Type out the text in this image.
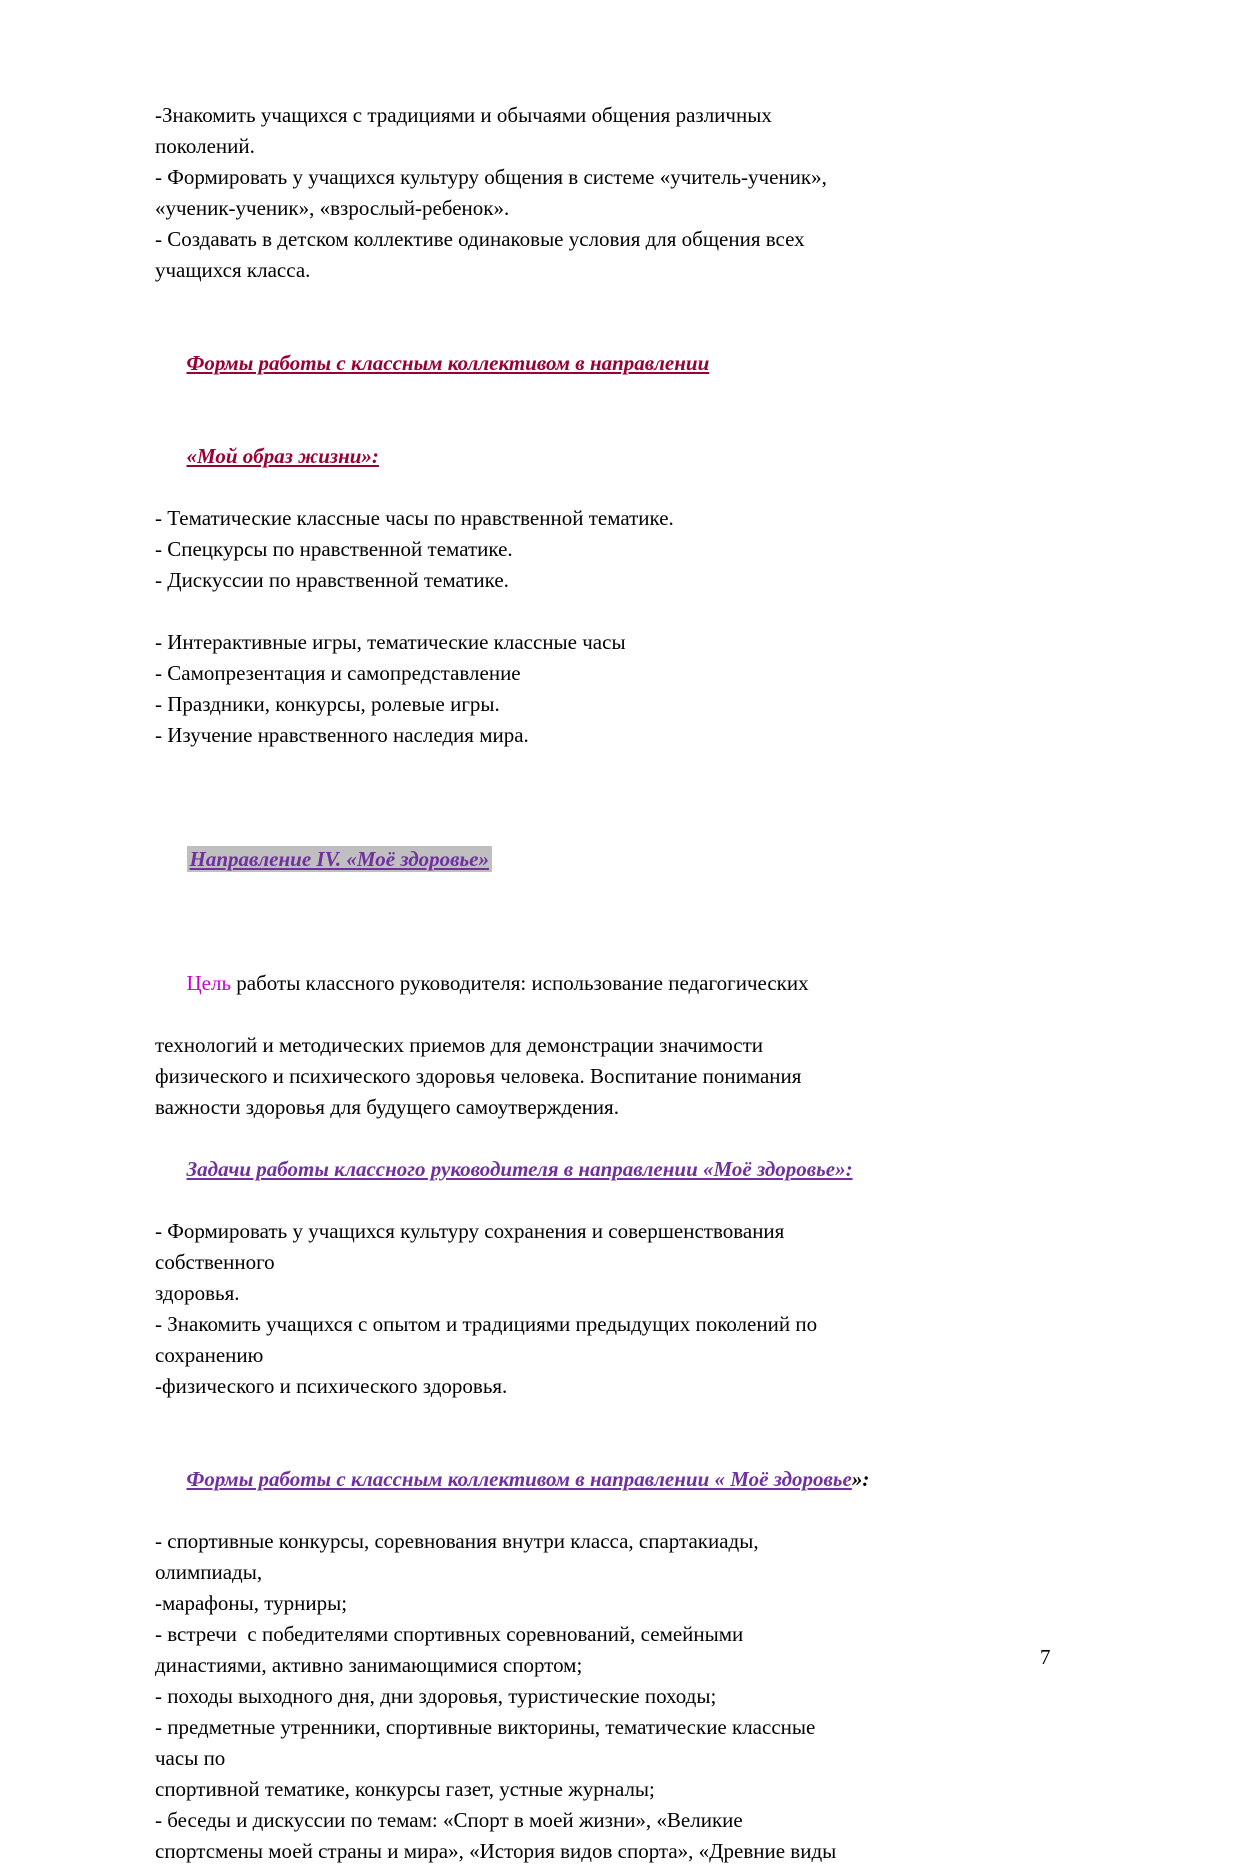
-Знакомить учащихся с традициями и обычаями общения различных
поколений.
- Формировать у учащихся культуру общения в системе «учитель-ученик»,
«ученик-ученик», «взрослый-ребенок».
- Создавать в детском коллективе одинаковые условия для общения всех
учащихся класса.

Формы работы с классным коллективом в направлении

«Мой образ жизни»:

- Тематические классные часы по нравственной тематике.
- Спецкурсы по нравственной тематике.
- Дискуссии по нравственной тематике.
- Интерактивные игры, тематические классные часы
- Самопрезентация и самопредставление
- Праздники, конкурсы, ролевые игры.
- Изучение нравственного наследия мира.

Направление IV. «Моё здоровье»

Цель работы классного руководителя: использование педагогических

технологий и методических приемов для демонстрации значимости
физического и психического здоровья человека. Воспитание понимания
важности здоровья для будущего самоутверждения.

Задачи работы классного руководителя в направлении «Моё здоровье»:

- Формировать у учащихся культуру сохранения и совершенствования
собственного
здоровья.
- Знакомить учащихся с опытом и традициями предыдущих поколений по
сохранению
-физического и психического здоровья.

Формы работы с классным коллективом в направлении « Моё здоровье»:

- спортивные конкурсы, соревнования внутри класса, спартакиады,
олимпиады,
-марафоны, турниры;
- встречи  с победителями спортивных соревнований, семейными
династиями, активно занимающимися спортом;
- походы выходного дня, дни здоровья, туристические походы;
- предметные утренники, спортивные викторины, тематические классные
часы по
спортивной тематике, конкурсы газет, устные журналы;
- беседы и дискуссии по темам: «Спорт в моей жизни», «Великие
спортсмены моей страны и мира», «История видов спорта», «Древние виды
7
